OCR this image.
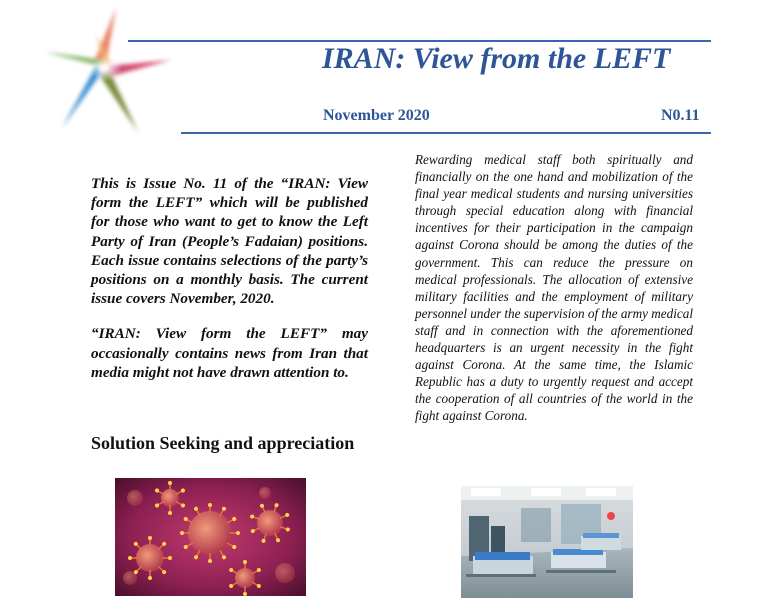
IRAN: View from the LEFT
November 2020	N0.11

This is Issue No. 11 of the “IRAN: View form the LEFT” which will be published for those who want to get to know the Left Party of Iran (People’s Fadaian) positions. Each issue contains selections of the party’s positions on a monthly basis. The current issue covers November, 2020.

“IRAN: View form the LEFT” may occasionally contains news from Iran that media might not have drawn attention to.

Solution Seeking and appreciation

Rewarding medical staff both spiritually and financially on the one hand and mobilization of the final year medical students and nursing universities through special education along with financial incentives for their participation in the campaign against Corona should be among the duties of the government. This can reduce the pressure on medical professionals. The allocation of extensive military facilities and the employment of military personnel under the supervision of the army medical staff and in connection with the aforementioned headquarters is an urgent necessity in the fight against Corona. At the same time, the Islamic Republic has a duty to urgently request and accept the cooperation of all countries of the world in the fight against Corona.
